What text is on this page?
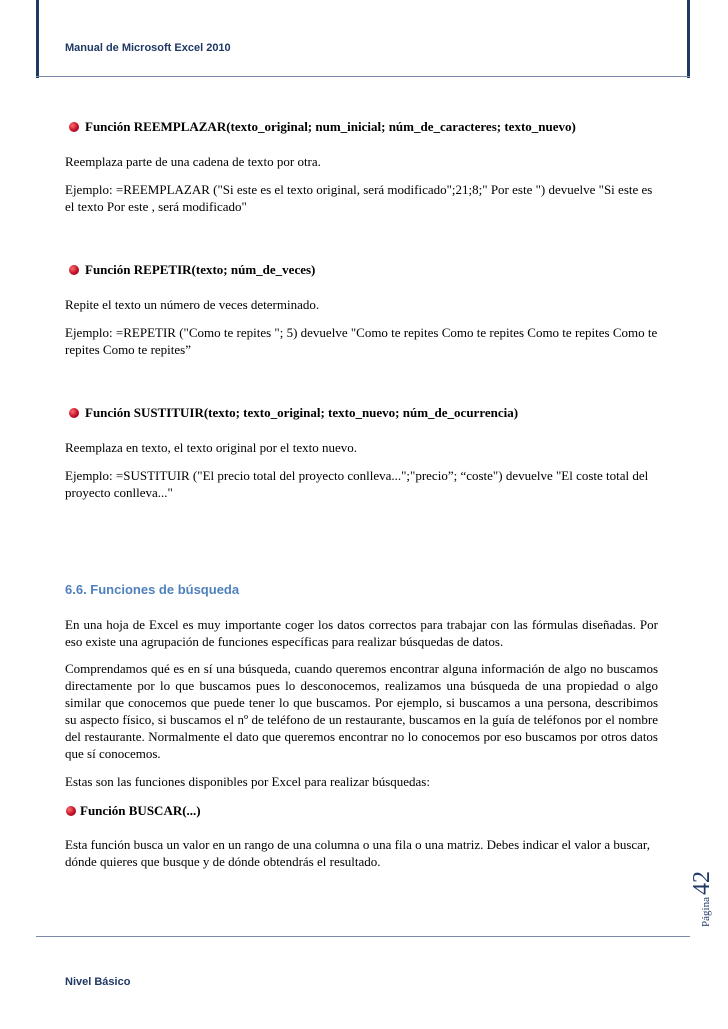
Manual de Microsoft Excel 2010
Función REEMPLAZAR(texto_original; num_inicial; núm_de_caracteres; texto_nuevo)

Reemplaza parte de una cadena de texto por otra.

Ejemplo: =REEMPLAZAR ("Si este es el texto original, será modificado";21;8;" Por este ") devuelve "Si este es el texto Por este , será modificado"

Función REPETIR(texto; núm_de_veces)

Repite el texto un número de veces determinado.

Ejemplo: =REPETIR ("Como te repites "; 5) devuelve "Como te repites Como te repites Como te repites Como te repites Como te repites”

Función SUSTITUIR(texto; texto_original; texto_nuevo; núm_de_ocurrencia)

Reemplaza en texto, el texto original por el texto nuevo.

Ejemplo: =SUSTITUIR ("El precio total del proyecto conlleva...";"precio”; “coste") devuelve "El coste total del proyecto conlleva..."

6.6. Funciones de búsqueda

En una hoja de Excel es muy importante coger los datos correctos para trabajar con las fórmulas diseñadas. Por eso existe una agrupación de funciones específicas para realizar búsquedas de datos.

Comprendamos qué es en sí una búsqueda, cuando queremos encontrar alguna información de algo no buscamos directamente por lo que buscamos pues lo desconocemos, realizamos una búsqueda de una propiedad o algo similar que conocemos que puede tener lo que buscamos. Por ejemplo, si buscamos a una persona, describimos su aspecto físico, si buscamos el nº de teléfono de un restaurante, buscamos en la guía de teléfonos por el nombre del restaurante. Normalmente el dato que queremos encontrar no lo conocemos por eso buscamos por otros datos que sí conocemos.

Estas son las funciones disponibles por Excel para realizar búsquedas:

Función BUSCAR(...)

Esta función busca un valor en un rango de una columna o una fila o una matriz. Debes indicar el valor a buscar, dónde quieres que busque y de dónde obtendrás el resultado.

Página
42
Nivel Básico
